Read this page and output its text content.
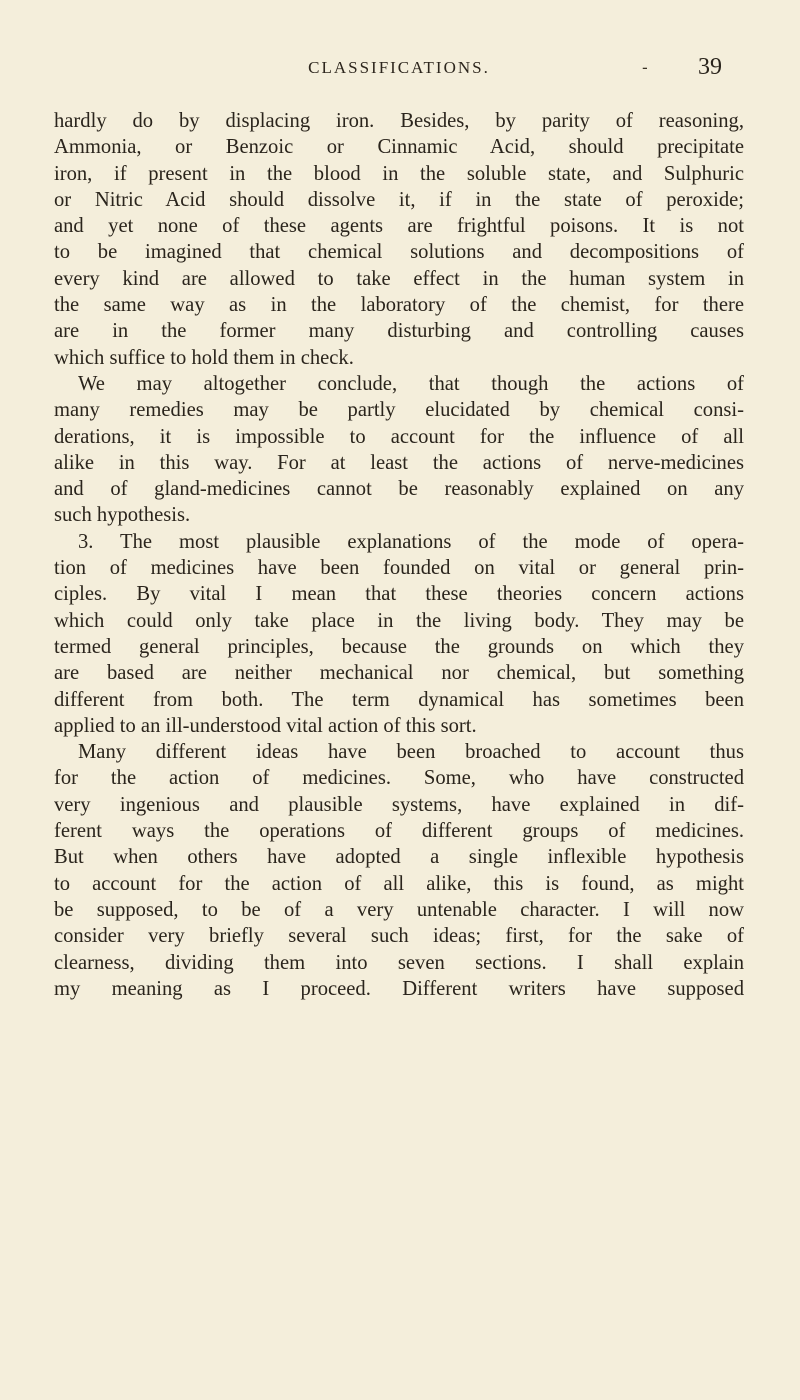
CLASSIFICATIONS.	- 39
hardly do by displacing iron. Besides, by parity of reasoning,
Ammonia, or Benzoic or Cinnamic Acid, should precipitate
iron, if present in the blood in the soluble state, and Sulphuric
or Nitric Acid should dissolve it, if in the state of peroxide;
and yet none of these agents are frightful poisons. It is not
to be imagined that chemical solutions and decompositions of
every kind are allowed to take effect in the human system in
the same way as in the laboratory of the chemist, for there
are in the former many disturbing and controlling causes
which suffice to hold them in check.
We may altogether conclude, that though the actions of
many remedies may be partly elucidated by chemical consi-
derations, it is impossible to account for the influence of all
alike in this way. For at least the actions of nerve-medicines
and of gland-medicines cannot be reasonably explained on any
such hypothesis.
3. The most plausible explanations of the mode of opera-
tion of medicines have been founded on vital or general prin-
ciples. By vital I mean that these theories concern actions
which could only take place in the living body. They may be
termed general principles, because the grounds on which they
are based are neither mechanical nor chemical, but something
different from both. The term dynamical has sometimes been
applied to an ill-understood vital action of this sort.
Many different ideas have been broached to account thus
for the action of medicines. Some, who have constructed
very ingenious and plausible systems, have explained in dif-
ferent ways the operations of different groups of medicines.
But when others have adopted a single inflexible hypothesis
to account for the action of all alike, this is found, as might
be supposed, to be of a very untenable character. I will now
consider very briefly several such ideas; first, for the sake of
clearness, dividing them into seven sections. I shall explain
my meaning as I proceed. Different writers have supposed
